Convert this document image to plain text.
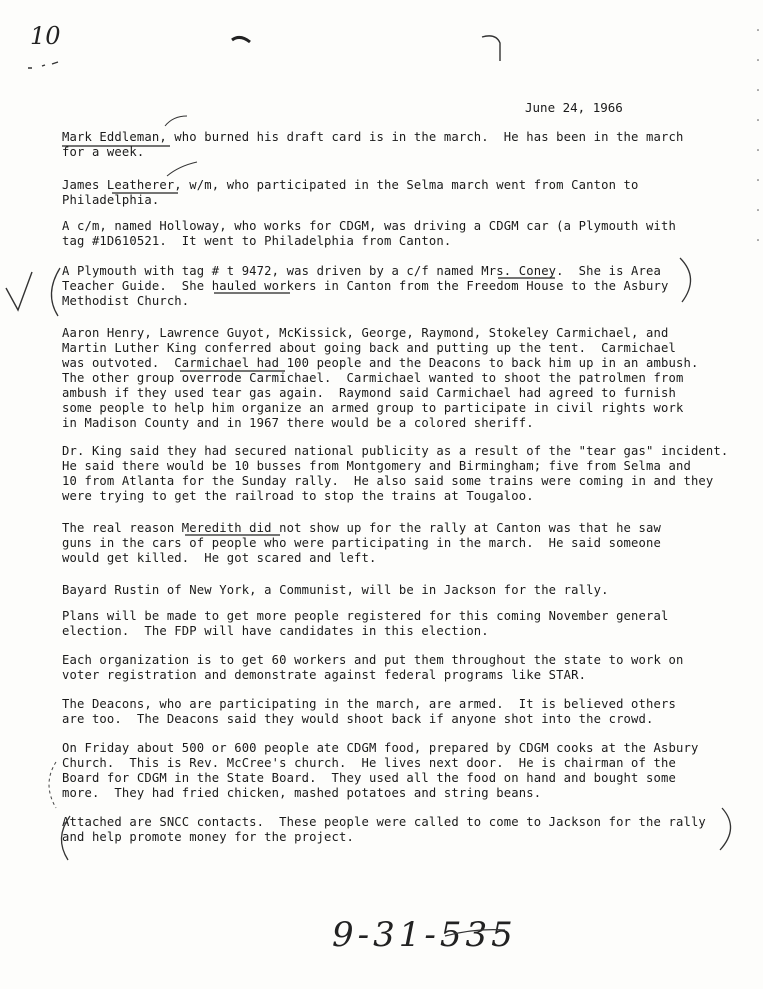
10
June 24, 1966
Mark Eddleman, who burned his draft card is in the march.  He has been in the march
for a week.
James Leatherer, w/m, who participated in the Selma march went from Canton to
Philadelphia.
A c/m, named Holloway, who works for CDGM, was driving a CDGM car (a Plymouth with
tag #1D610521.  It went to Philadelphia from Canton.
A Plymouth with tag # t 9472, was driven by a c/f named Mrs. Coney.  She is Area
Teacher Guide.  She hauled workers in Canton from the Freedom House to the Asbury
Methodist Church.
Aaron Henry, Lawrence Guyot, McKissick, George, Raymond, Stokeley Carmichael, and
Martin Luther King conferred about going back and putting up the tent.  Carmichael
was outvoted.  Carmichael had 100 people and the Deacons to back him up in an ambush.
The other group overrode Carmichael.  Carmichael wanted to shoot the patrolmen from
ambush if they used tear gas again.  Raymond said Carmichael had agreed to furnish
some people to help him organize an armed group to participate in civil rights work
in Madison County and in 1967 there would be a colored sheriff.
Dr. King said they had secured national publicity as a result of the "tear gas" incident.
He said there would be 10 busses from Montgomery and Birmingham; five from Selma and
10 from Atlanta for the Sunday rally.  He also said some trains were coming in and they
were trying to get the railroad to stop the trains at Tougaloo.
The real reason Meredith did not show up for the rally at Canton was that he saw
guns in the cars of people who were participating in the march.  He said someone
would get killed.  He got scared and left.
Bayard Rustin of New York, a Communist, will be in Jackson for the rally.
Plans will be made to get more people registered for this coming November general
election.  The FDP will have candidates in this election.
Each organization is to get 60 workers and put them throughout the state to work on
voter registration and demonstrate against federal programs like STAR.
The Deacons, who are participating in the march, are armed.  It is believed others
are too.  The Deacons said they would shoot back if anyone shot into the crowd.
On Friday about 500 or 600 people ate CDGM food, prepared by CDGM cooks at the Asbury
Church.  This is Rev. McCree's church.  He lives next door.  He is chairman of the
Board for CDGM in the State Board.  They used all the food on hand and bought some
more.  They had fried chicken, mashed potatoes and string beans.
Attached are SNCC contacts.  These people were called to come to Jackson for the rally
and help promote money for the project.
9-31-535
